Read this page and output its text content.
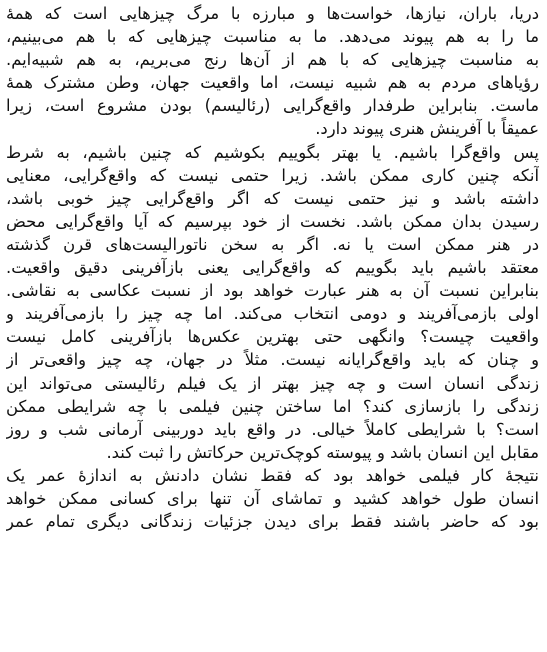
دریا، باران، نیازها، خواست‌ها و مبارزه با مرگ چیزهایی است که همهٔ
ما را به هم پیوند می‌دهد. ما به مناسبت چیزهایی که با هم می‌بینیم،
به مناسبت چیزهایی که با هم از آن‌ها رنج می‌بریم، به هم شبیه‌ایم.
رؤیاهای مردم به هم شبیه نیست، اما واقعیت جهان، وطن مشترک همهٔ
ماست. بنابراین طرفدار واقع‌گرایی (رئالیسم) بودن مشروع است، زیرا
عمیقاً با آفرینش هنری پیوند دارد.
پس واقع‌گرا باشیم. یا بهتر بگوییم بکوشیم که چنین باشیم، به شرط
آنکه چنین کاری ممکن باشد. زیرا حتمی نیست که واقع‌گرایی، معنایی
داشته باشد و نیز حتمی نیست که اگر واقع‌گرایی چیز خوبی باشد،
رسیدن بدان ممکن باشد. نخست از خود بپرسیم که آیا واقع‌گرایی محض
در هنر ممکن است یا نه. اگر به سخن ناتورالیست‌های قرن گذشته
معتقد باشیم باید بگوییم که واقع‌گرایی یعنی بازآفرینی دقیق واقعیت.
بنابراین نسبت آن به هنر عبارت خواهد بود از نسبت عکاسی به نقاشی.
اولی بازمی‌آفریند و دومی انتخاب می‌کند. اما چه چیز را بازمی‌آفریند و
واقعیت چیست؟ وانگهی حتی بهترین عکس‌ها بازآفرینی کامل نیست
و چنان که باید واقع‌گرایانه نیست. مثلاً در جهان، چه چیز واقعی‌تر از
زندگی انسان است و چه چیز بهتر از یک فیلم رئالیستی می‌تواند این
زندگی را بازسازی کند؟ اما ساختن چنین فیلمی با چه شرایطی ممکن
است؟ با شرایطی کاملاً خیالی. در واقع باید دوربینی آرمانی شب و روز
مقابل این انسان باشد و پیوسته کوچک‌ترین حرکاتش را ثبت کند.
نتیجهٔ کار فیلمی خواهد بود که فقط نشان دادنش به اندازهٔ عمر یک
انسان طول خواهد کشید و تماشای آن تنها برای کسانی ممکن خواهد
بود که حاضر باشند فقط برای دیدن جزئیات زندگانی دیگری تمام عمر
